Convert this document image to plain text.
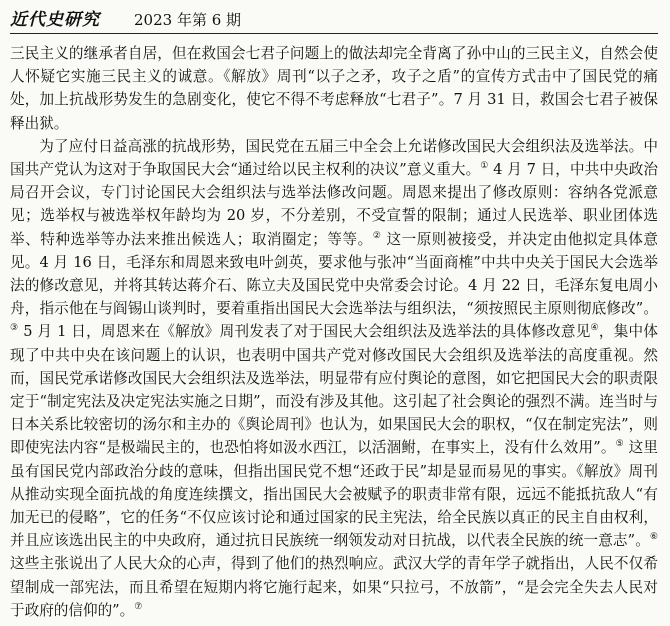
近代史研究 2023 年第 6 期

三民主义的继承者自居，但在救国会七君子问题上的做法却完全背离了孙中山的三民主义，自然会使人怀疑它实施三民主义的诚意。《解放》周刊“以子之矛，攻子之盾”的宣传方式击中了国民党的痛处，加上抗战形势发生的急剧变化，使它不得不考虑释放“七君子”。7 月 31 日，救国会七君子被保释出狱。

为了应付日益高涨的抗战形势，国民党在五届三中全会上允诺修改国民大会组织法及选举法。中国共产党认为这对于争取国民大会“通过给以民主权利的决议”意义重大。① 4 月 7 日，中共中央政治局召开会议，专门讨论国民大会组织法与选举法修改问题。周恩来提出了修改原则：容纳各党派意见；选举权与被选举权年龄均为 20 岁，不分差别，不受宣誓的限制；通过人民选举、职业团体选举、特种选举等办法来推出候选人；取消圈定；等等。② 这一原则被接受，并决定由他拟定具体意见。4 月 16 日，毛泽东和周恩来致电叶剑英，要求他与张冲“当面商榷”中共中央关于国民大会选举法的修改意见，并将其转达蒋介石、陈立夫及国民党中央常委会讨论。4 月 22 日，毛泽东复电周小舟，指示他在与阎锡山谈判时，要着重指出国民大会选举法与组织法，“须按照民主原则彻底修改”。③ 5 月 1 日，周恩来在《解放》周刊发表了对于国民大会组织法及选举法的具体修改意见④，集中体现了中共中央在该问题上的认识，也表明中国共产党对修改国民大会组织及选举法的高度重视。然而，国民党承诺修改国民大会组织法及选举法，明显带有应付舆论的意图，如它把国民大会的职责限定于“制定宪法及决定宪法实施之日期”，而没有涉及其他。这引起了社会舆论的强烈不满。连当时与日本关系比较密切的汤尔和主办的《舆论周刊》也认为，如果国民大会的职权，“仅在制定宪法”，则即使宪法内容“是极端民主的，也恐怕将如汲水西江，以活涸鲋，在事实上，没有什么效用”。⑤ 这里虽有国民党内部政治分歧的意味，但指出国民党不想“还政于民”却是显而易见的事实。《解放》周刊从推动实现全面抗战的角度连续撰文，指出国民大会被赋予的职责非常有限，远远不能抵抗敌人“有加无已的侵略”，它的任务“不仅应该讨论和通过国家的民主宪法，给全民族以真正的民主自由权利，并且应该选出民主的中央政府，通过抗日民族统一纲领发动对日抗战，以代表全民族的统一意志”。⑥ 这些主张说出了人民大众的心声，得到了他们的热烈响应。武汉大学的青年学子就指出，人民不仅希望制成一部宪法，而且希望在短期内将它施行起来，如果“只拉弓，不放箭”，“是会完全失去人民对于政府的信仰的”。⑦
